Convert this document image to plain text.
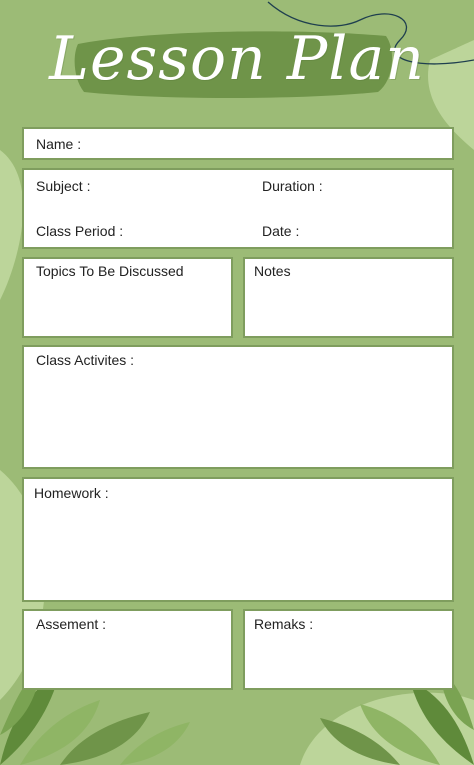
Lesson Plan
Name :
Subject :	Duration :
Class Period :	Date :
Topics To Be Discussed	Notes
Class Activites :
Homework :
Assement :	Remaks :
